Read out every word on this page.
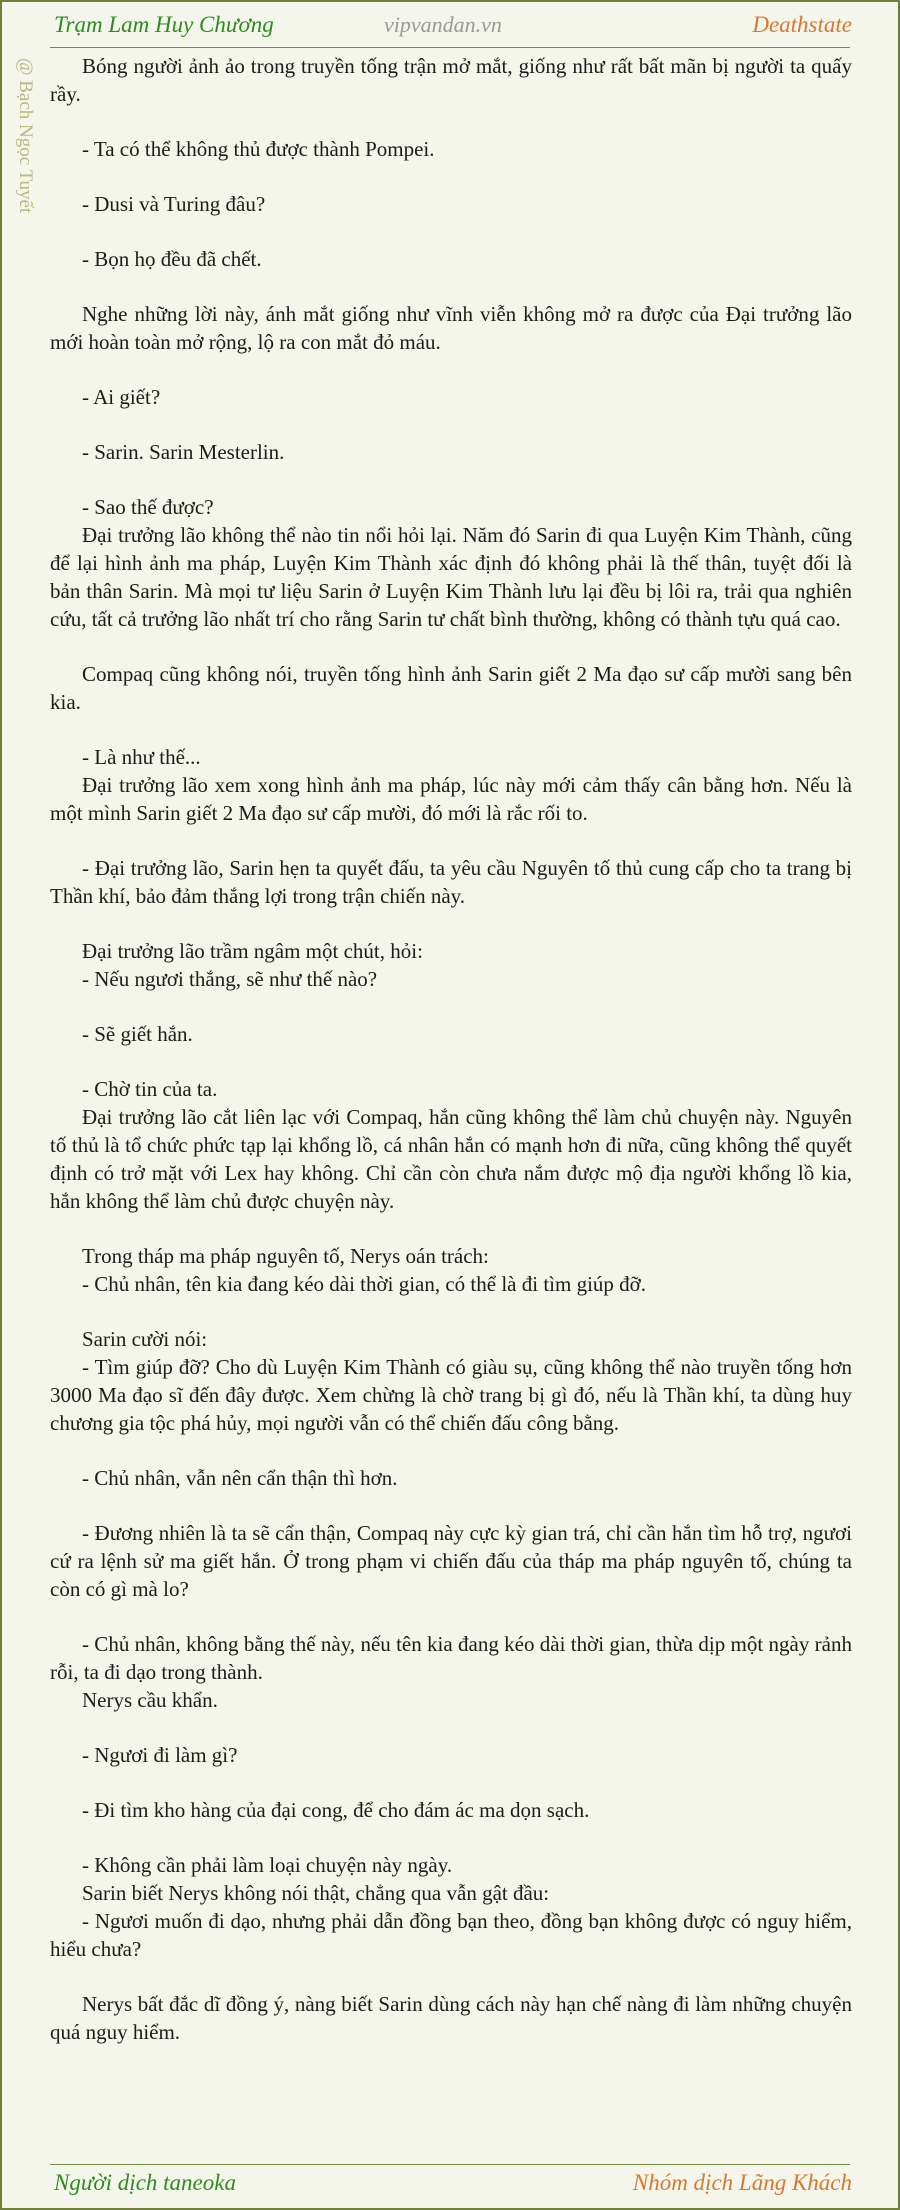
Trạm Lam Huy Chương	vipvandan.vn	Deathstate
@ Bạch Ngọc Tuyết	Bóng người ảnh ảo trong truyền tống trận mở mắt, giống như rất bất mãn bị người ta quấy rầy.

- Ta có thể không thủ được thành Pompei.

- Dusi và Turing đâu?

- Bọn họ đều đã chết.

Nghe những lời này, ánh mắt giống như vĩnh viễn không mở ra được của Đại trưởng lão mới hoàn toàn mở rộng, lộ ra con mắt đỏ máu.

- Ai giết?

- Sarin. Sarin Mesterlin.

- Sao thế được?

Đại trưởng lão không thể nào tin nổi hỏi lại. Năm đó Sarin đi qua Luyện Kim Thành, cũng để lại hình ảnh ma pháp, Luyện Kim Thành xác định đó không phải là thế thân, tuyệt đối là bản thân Sarin. Mà mọi tư liệu Sarin ở Luyện Kim Thành lưu lại đều bị lôi ra, trải qua nghiên cứu, tất cả trưởng lão nhất trí cho rằng Sarin tư chất bình thường, không có thành tựu quá cao.

Compaq cũng không nói, truyền tống hình ảnh Sarin giết 2 Ma đạo sư cấp mười sang bên kia.

- Là như thế...

Đại trưởng lão xem xong hình ảnh ma pháp, lúc này mới cảm thấy cân bằng hơn. Nếu là một mình Sarin giết 2 Ma đạo sư cấp mười, đó mới là rắc rối to.

- Đại trưởng lão, Sarin hẹn ta quyết đấu, ta yêu cầu Nguyên tố thủ cung cấp cho ta trang bị Thần khí, bảo đảm thắng lợi trong trận chiến này.

Đại trưởng lão trầm ngâm một chút, hỏi:

- Nếu ngươi thắng, sẽ như thế nào?

- Sẽ giết hắn.

- Chờ tin của ta.

Đại trưởng lão cắt liên lạc với Compaq, hắn cũng không thể làm chủ chuyện này. Nguyên tố thủ là tổ chức phức tạp lại khổng lồ, cá nhân hắn có mạnh hơn đi nữa, cũng không thể quyết định có trở mặt với Lex hay không. Chỉ cần còn chưa nắm được mộ địa người khổng lồ kia, hắn không thể làm chủ được chuyện này.

Trong tháp ma pháp nguyên tố, Nerys oán trách:

- Chủ nhân, tên kia đang kéo dài thời gian, có thể là đi tìm giúp đỡ.

Sarin cười nói:

- Tìm giúp đỡ? Cho dù Luyện Kim Thành có giàu sụ, cũng không thể nào truyền tống hơn 3000 Ma đạo sĩ đến đây được. Xem chừng là chờ trang bị gì đó, nếu là Thần khí, ta dùng huy chương gia tộc phá hủy, mọi người vẫn có thể chiến đấu công bằng.

- Chủ nhân, vẫn nên cẩn thận thì hơn.

- Đương nhiên là ta sẽ cẩn thận, Compaq này cực kỳ gian trá, chỉ cần hắn tìm hỗ trợ, ngươi cứ ra lệnh sử ma giết hắn. Ở trong phạm vi chiến đấu của tháp ma pháp nguyên tố, chúng ta còn có gì mà lo?

- Chủ nhân, không bằng thế này, nếu tên kia đang kéo dài thời gian, thừa dịp một ngày rảnh rỗi, ta đi dạo trong thành.

Nerys cầu khẩn.

- Ngươi đi làm gì?

- Đi tìm kho hàng của đại cong, để cho đám ác ma dọn sạch.

- Không cần phải làm loại chuyện này ngày.

Sarin biết Nerys không nói thật, chẳng qua vẫn gật đầu:

- Ngươi muốn đi dạo, nhưng phải dẫn đồng bạn theo, đồng bạn không được có nguy hiểm, hiểu chưa?

Nerys bất đắc dĩ đồng ý, nàng biết Sarin dùng cách này hạn chế nàng đi làm những chuyện quá nguy hiểm.

Người dịch taneoka	Nhóm dịch Lãng Khách
